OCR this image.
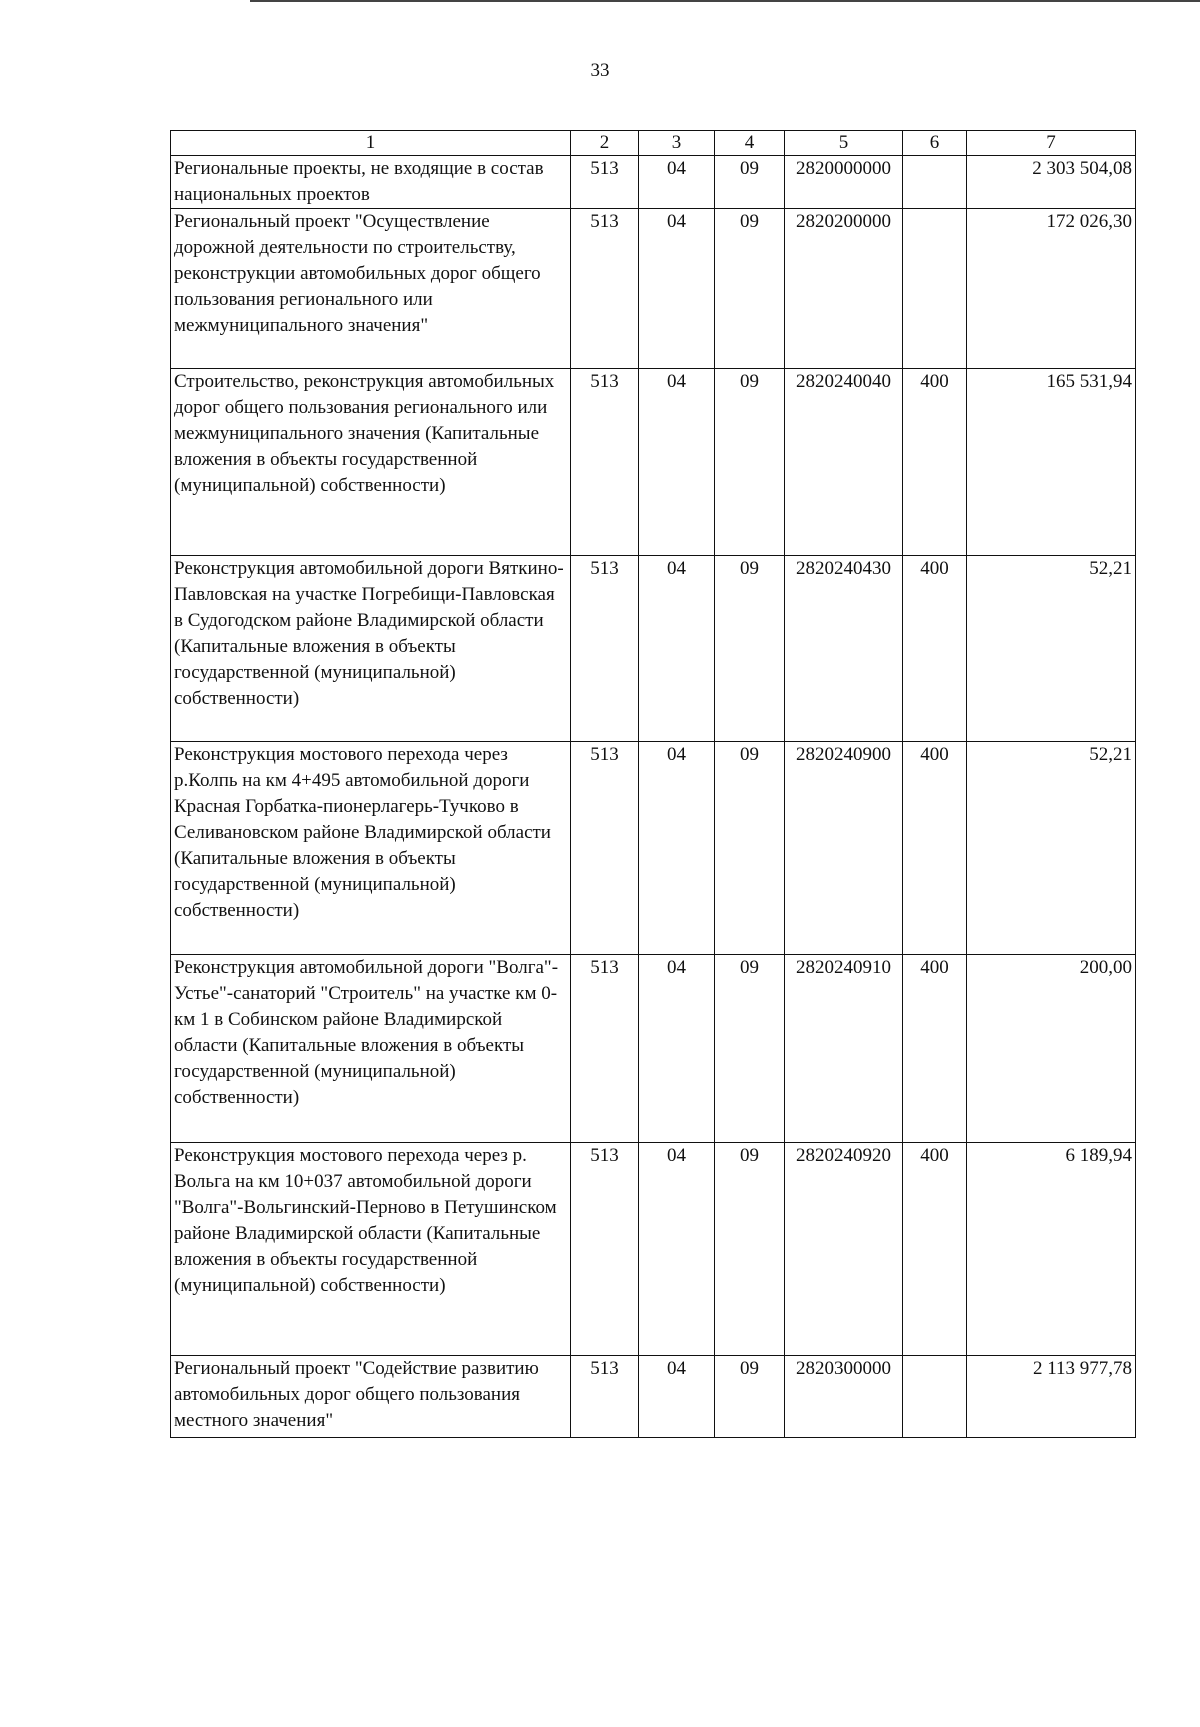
33
1	2	3	4	5	6	7
Региональные проекты, не входящие в состав национальных проектов	513	04	09	2820000000		2 303 504,08
Региональный проект "Осуществление дорожной деятельности по строительству, реконструкции автомобильных дорог общего пользования регионального или межмуниципального значения"	513	04	09	2820200000		172 026,30
Строительство, реконструкция автомобильных дорог общего пользования регионального или межмуниципального значения (Капитальные вложения в объекты государственной (муниципальной) собственности)	513	04	09	2820240040	400	165 531,94
Реконструкция автомобильной дороги Вяткино-Павловская на участке Погребищи-Павловская в Судогодском районе Владимирской области (Капитальные вложения в объекты государственной (муниципальной) собственности)	513	04	09	2820240430	400	52,21
Реконструкция мостового перехода через р.Колпь на км 4+495 автомобильной дороги Красная Горбатка-пионерлагерь-Тучково в Селивановском районе Владимирской области (Капитальные вложения в объекты государственной (муниципальной) собственности)	513	04	09	2820240900	400	52,21
Реконструкция автомобильной дороги "Волга"-Устье"-санаторий "Строитель" на участке км 0-км 1 в Собинском районе Владимирской области (Капитальные вложения в объекты государственной (муниципальной) собственности)	513	04	09	2820240910	400	200,00
Реконструкция мостового перехода через р. Вольга на км 10+037 автомобильной дороги "Волга"-Вольгинский-Перново в Петушинском районе Владимирской области (Капитальные вложения в объекты государственной (муниципальной) собственности)	513	04	09	2820240920	400	6 189,94
Региональный проект "Содействие развитию автомобильных дорог общего пользования местного значения"	513	04	09	2820300000		2 113 977,78
